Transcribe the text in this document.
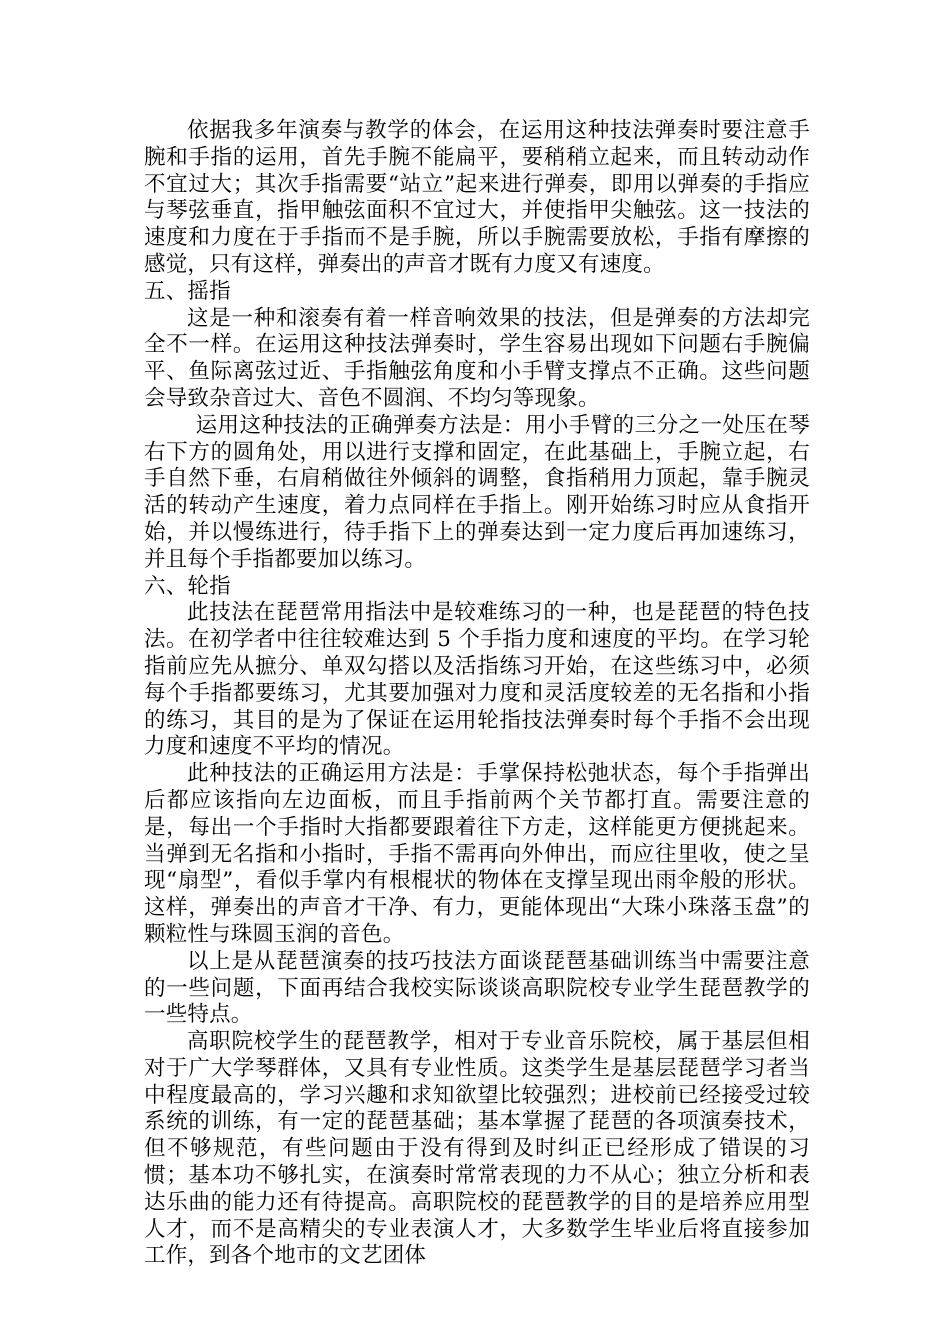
依据我多年演奏与教学的体会，在运用这种技法弹奏时要注意手腕和手指的运用，首先手腕不能扁平，要稍稍立起来，而且转动动作不宜过大；其次手指需要“站立”起来进行弹奏，即用以弹奏的手指应与琴弦垂直，指甲触弦面积不宜过大，并使指甲尖触弦。这一技法的速度和力度在于手指而不是手腕，所以手腕需要放松，手指有摩擦的感觉，只有这样，弹奏出的声音才既有力度又有速度。

五、摇指

这是一种和滚奏有着一样音响效果的技法，但是弹奏的方法却完全不一样。在运用这种技法弹奏时，学生容易出现如下问题右手腕偏平、鱼际离弦过近、手指触弦角度和小手臂支撑点不正确。这些问题会导致杂音过大、音色不圆润、不均匀等现象。

运用这种技法的正确弹奏方法是：用小手臂的三分之一处压在琴右下方的圆角处，用以进行支撑和固定，在此基础上，手腕立起，右手自然下垂，右肩稍做往外倾斜的调整，食指稍用力顶起，靠手腕灵活的转动产生速度，着力点同样在手指上。刚开始练习时应从食指开始，并以慢练进行，待手指下上的弹奏达到一定力度后再加速练习，并且每个手指都要加以练习。

六、轮指

此技法在琵琶常用指法中是较难练习的一种，也是琵琶的特色技法。在初学者中往往较难达到 5 个手指力度和速度的平均。在学习轮指前应先从摭分、单双勾搭以及活指练习开始，在这些练习中，必须每个手指都要练习，尤其要加强对力度和灵活度较差的无名指和小指的练习，其目的是为了保证在运用轮指技法弹奏时每个手指不会出现力度和速度不平均的情况。

此种技法的正确运用方法是：手掌保持松弛状态，每个手指弹出后都应该指向左边面板，而且手指前两个关节都打直。需要注意的是，每出一个手指时大指都要跟着往下方走，这样能更方便挑起来。当弹到无名指和小指时，手指不需再向外伸出，而应往里收，使之呈现“扇型”，看似手掌内有根棍状的物体在支撑呈现出雨伞般的形状。这样，弹奏出的声音才干净、有力，更能体现出“大珠小珠落玉盘”的颗粒性与珠圆玉润的音色。

以上是从琵琶演奏的技巧技法方面谈琵琶基础训练当中需要注意的一些问题，下面再结合我校实际谈谈高职院校专业学生琵琶教学的一些特点。

高职院校学生的琵琶教学，相对于专业音乐院校，属于基层但相对于广大学琴群体，又具有专业性质。这类学生是基层琵琶学习者当中程度最高的，学习兴趣和求知欲望比较强烈；进校前已经接受过较系统的训练，有一定的琵琶基础；基本掌握了琵琶的各项演奏技术，但不够规范，有些问题由于没有得到及时纠正已经形成了错误的习惯；基本功不够扎实，在演奏时常常表现的力不从心；独立分析和表达乐曲的能力还有待提高。高职院校的琵琶教学的目的是培养应用型人才，而不是高精尖的专业表演人才，大多数学生毕业后将直接参加工作，到各个地市的文艺团体
